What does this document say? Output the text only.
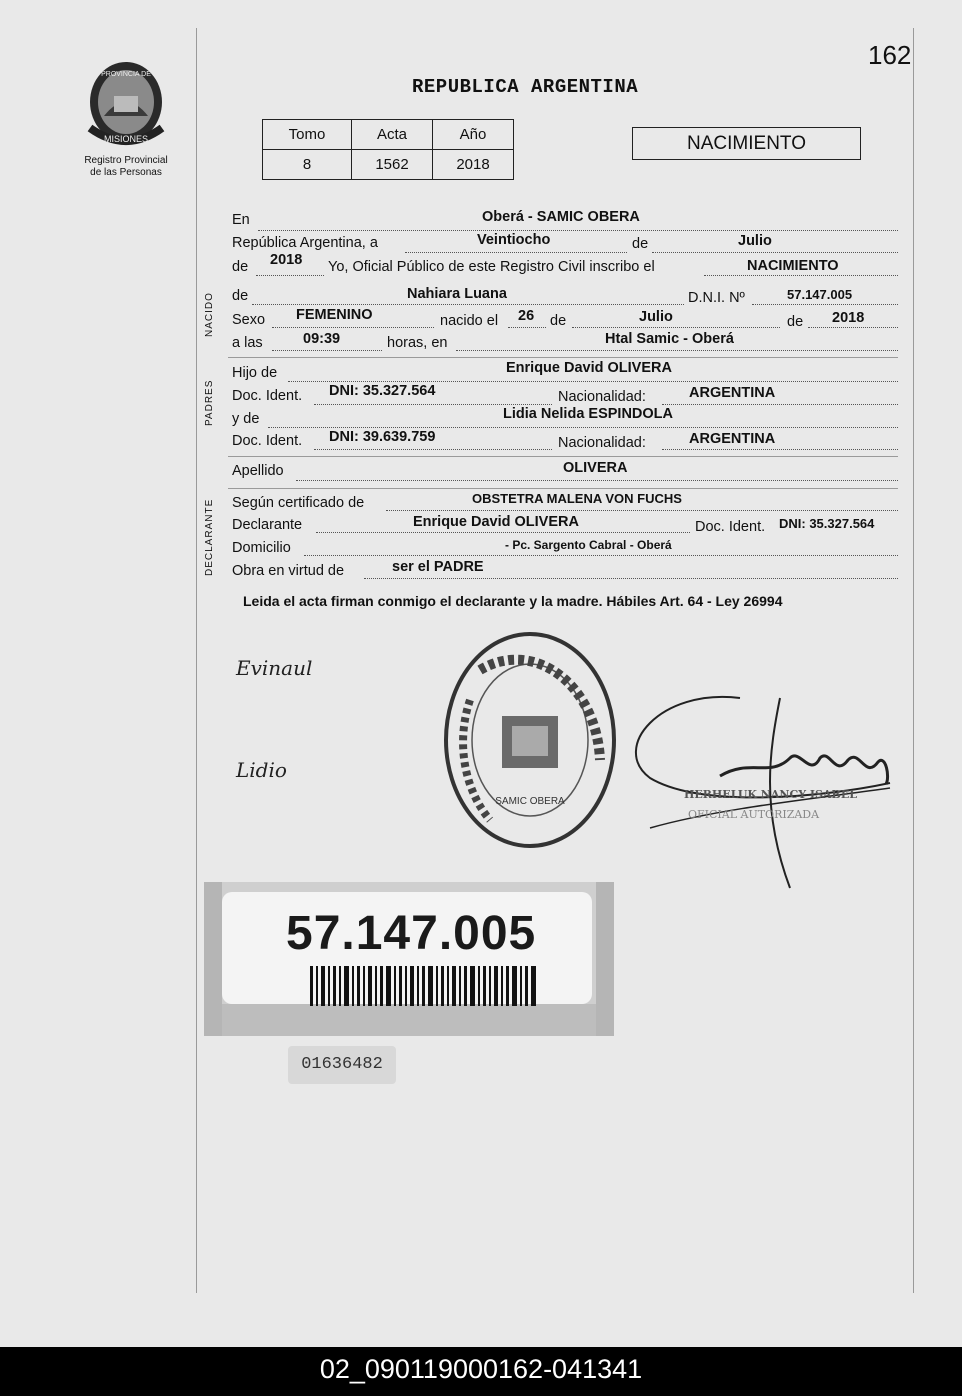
162
PROVINCIA DE
MISIONES
Registro Provincial
de las Personas
REPUBLICA ARGENTINA
Tomo	Acta	Año
8	1562	2018
NACIMIENTO
En	Oberá - SAMIC OBERA
República Argentina, a	Veintiocho	de	Julio
de 2018 Yo, Oficial Público de este Registro Civil inscribo el	NACIMIENTO
NACIDO de	Nahiara Luana	D.N.I. Nº	57.147.005
Sexo FEMENINO	nacido el 26 de	Julio	de 2018
a las	09:39	horas, en	Htal Samic - Oberá
PADRES
Hijo de	Enrique David OLIVERA
Doc. Ident. DNI: 35.327.564	Nacionalidad:	ARGENTINA
y de	Lidia Nelida ESPINDOLA
Doc. Ident. DNI: 39.639.759	Nacionalidad:	ARGENTINA
Apellido	OLIVERA
DECLARANTE Según certificado de	OBSTETRA MALENA VON FUCHS
Declarante	Enrique David OLIVERA	Doc. Ident. DNI: 35.327.564
Domicilio	- Pc. Sargento Cabral - Oberá
Obra en virtud de	ser el PADRE
Leida el acta firman conmigo el declarante y la madre. Hábiles Art. 64 - Ley 26994
Evinaul
Lidio
SAMIC OBERA
HERHELUK NANCY ISABEL
OFICIAL AUTORIZADA
57.147.005
01636482
02_090119000162-041341
